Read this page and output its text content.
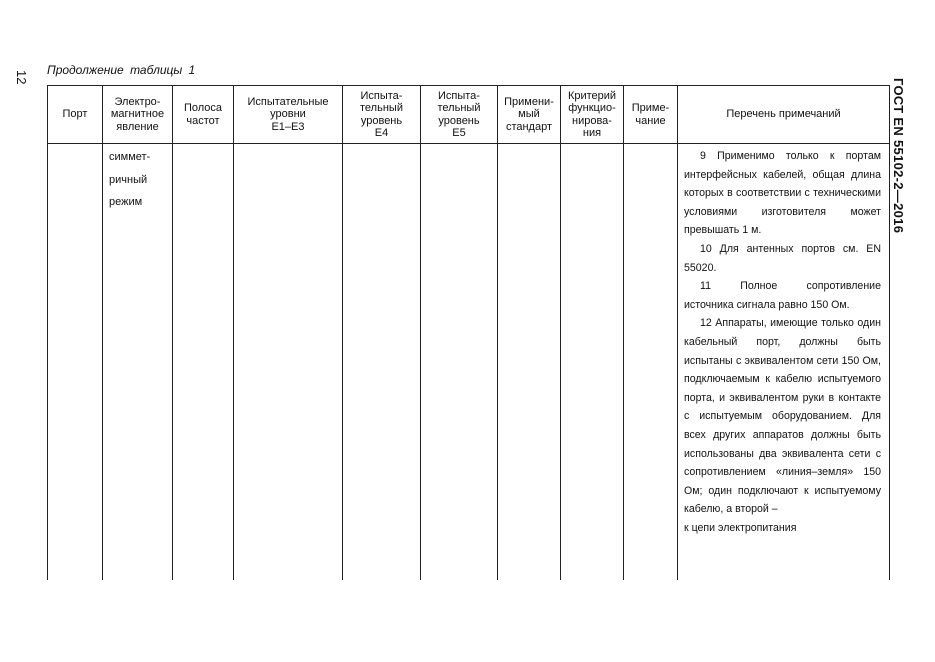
12
ГОСТ EN 55102-2—2016
Продолжение таблицы 1
Порт
Электро-
магнитное
явление
Полоса
частот
Испытательные
уровни
Е1–Е3
Испыта-
тельный
уровень
Е4
Испыта-
тельный
уровень
Е5
Примени-
мый
стандарт
Критерий
функцио-
нирова-
ния
Приме-
чание
Перечень примечаний
симмет-
ричный
режим

9 Применимо только к портам интерфейсных кабелей, общая длина которых в соответствии с техническими условиями изготовителя может превышать 1 м.

10 Для антенных портов см. EN 55020.

11 Полное сопротивление источника сигнала равно 150 Ом.

12 Аппараты, имеющие только один кабельный порт, должны быть испытаны с эквивалентом сети 150 Ом, подключаемым к кабелю испытуемого порта, и эквивалентом руки в контакте с испытуемым оборудованием. Для всех других аппаратов должны быть использованы два эквивалента сети с сопротивлением «линия–земля» 150 Ом; один подключают к испытуемому кабелю, а второй –

к цепи электропитания
